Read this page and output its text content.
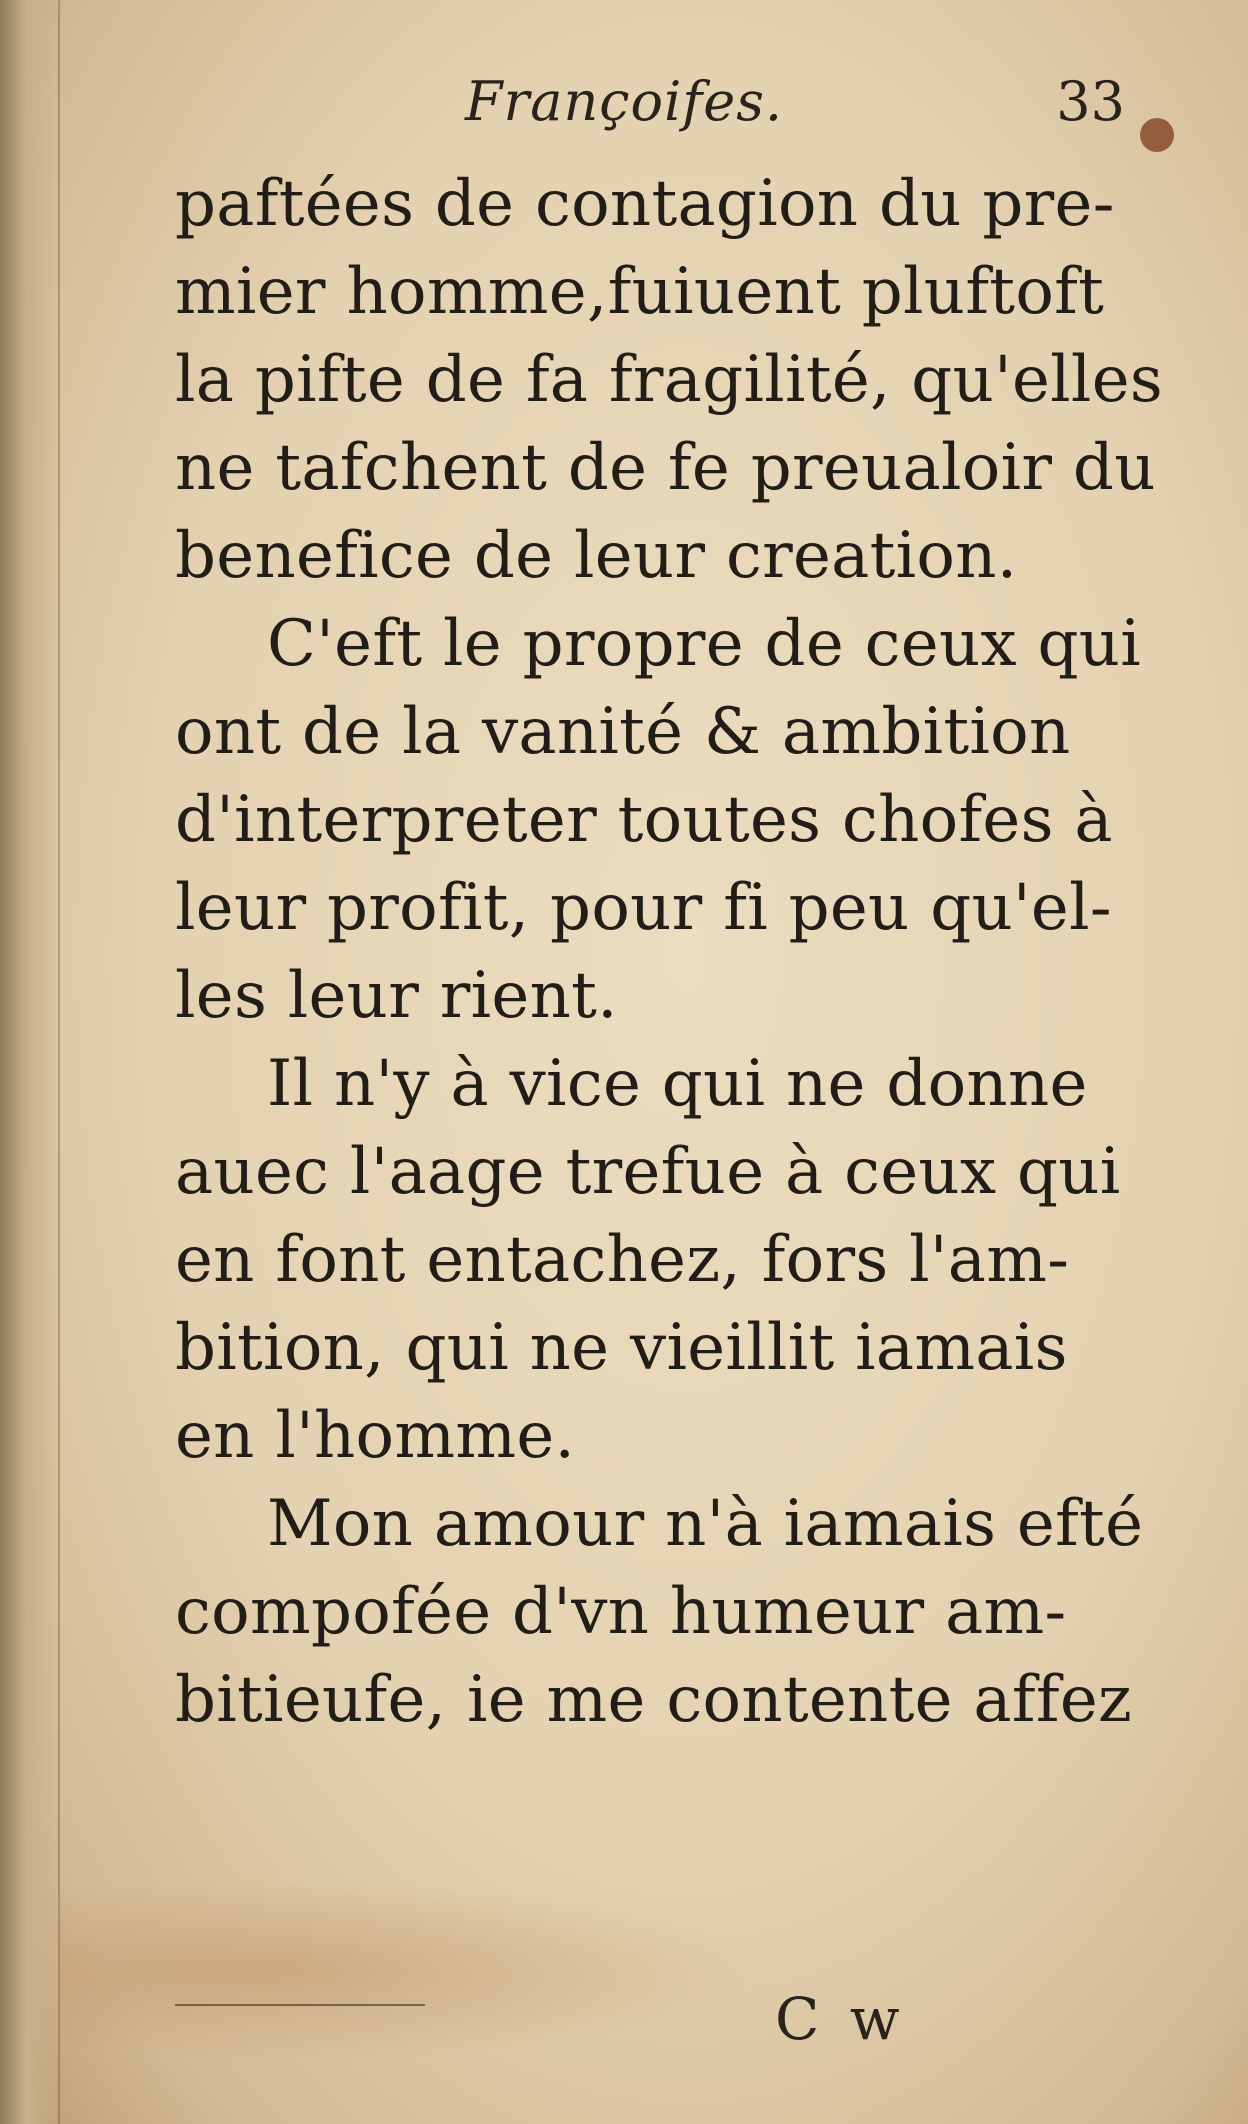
Françoifes.	33
paftées de contagion du pre-
mier homme,fuiuent pluftoft
la pifte de fa fragilité, qu'elles
ne tafchent de fe preualoir du
benefice de leur creation.
C'eft le propre de ceux qui
ont de la vanité & ambition
d'interpreter toutes chofes à
leur profit, pour fi peu qu'el-
les leur rient.
Il n'y à vice qui ne donne
auec l'aage trefue à ceux qui
en font entachez, fors l'am-
bition, qui ne vieillit iamais
en l'homme.
Mon amour n'à iamais efté
compofée d'vn humeur am-
bitieufe, ie me contente affez
C w
